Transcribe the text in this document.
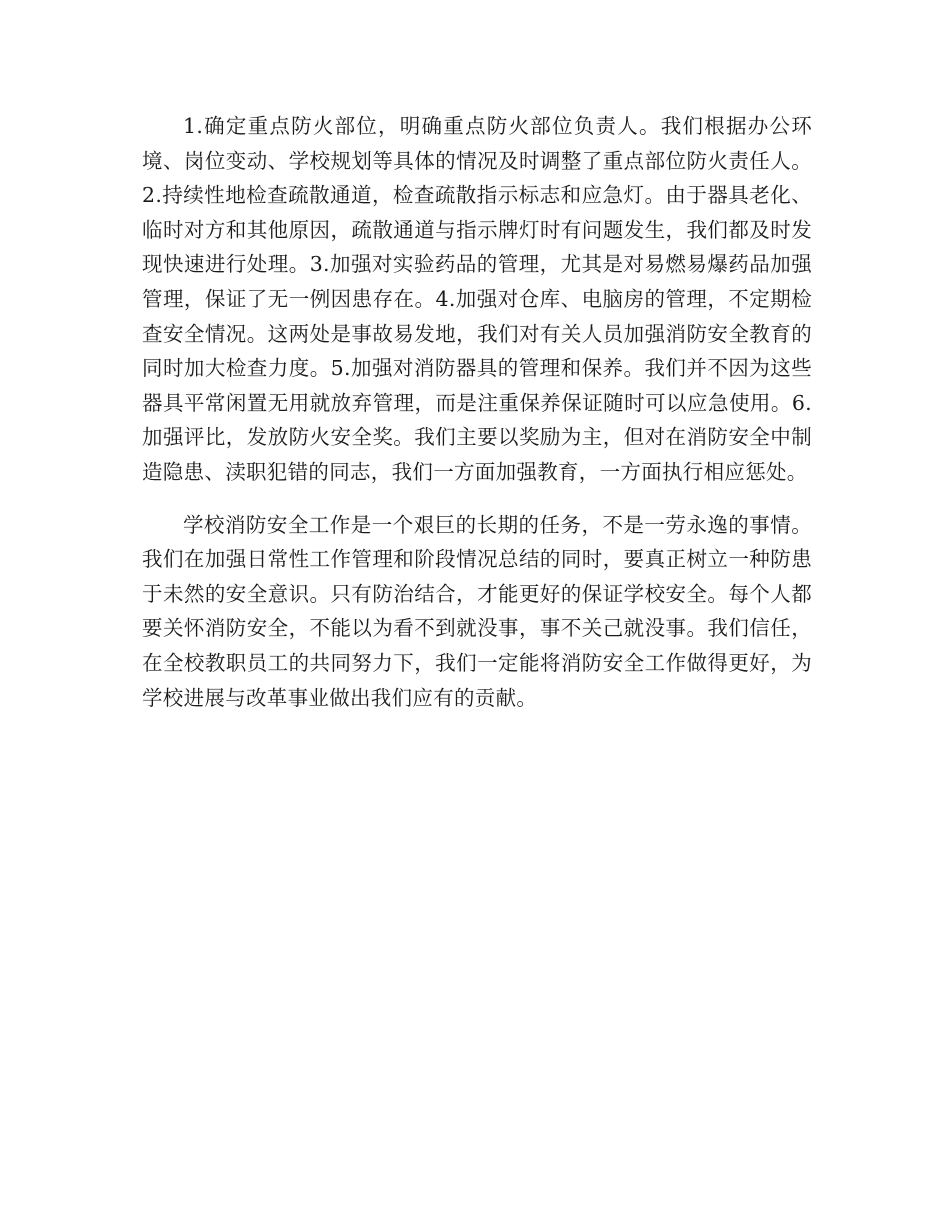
1.确定重点防火部位，明确重点防火部位负责人。我们根据办公环境、岗位变动、学校规划等具体的情况及时调整了重点部位防火责任人。2.持续性地检查疏散通道，检查疏散指示标志和应急灯。由于器具老化、临时对方和其他原因，疏散通道与指示牌灯时有问题发生，我们都及时发现快速进行处理。3.加强对实验药品的管理，尤其是对易燃易爆药品加强管理，保证了无一例因患存在。4.加强对仓库、电脑房的管理，不定期检查安全情况。这两处是事故易发地，我们对有关人员加强消防安全教育的同时加大检查力度。5.加强对消防器具的管理和保养。我们并不因为这些器具平常闲置无用就放弃管理，而是注重保养保证随时可以应急使用。6.加强评比，发放防火安全奖。我们主要以奖励为主，但对在消防安全中制造隐患、渎职犯错的同志，我们一方面加强教育，一方面执行相应惩处。

学校消防安全工作是一个艰巨的长期的任务，不是一劳永逸的事情。我们在加强日常性工作管理和阶段情况总结的同时，要真正树立一种防患于未然的安全意识。只有防治结合，才能更好的保证学校安全。每个人都要关怀消防安全，不能以为看不到就没事，事不关己就没事。我们信任，在全校教职员工的共同努力下，我们一定能将消防安全工作做得更好，为学校进展与改革事业做出我们应有的贡献。
